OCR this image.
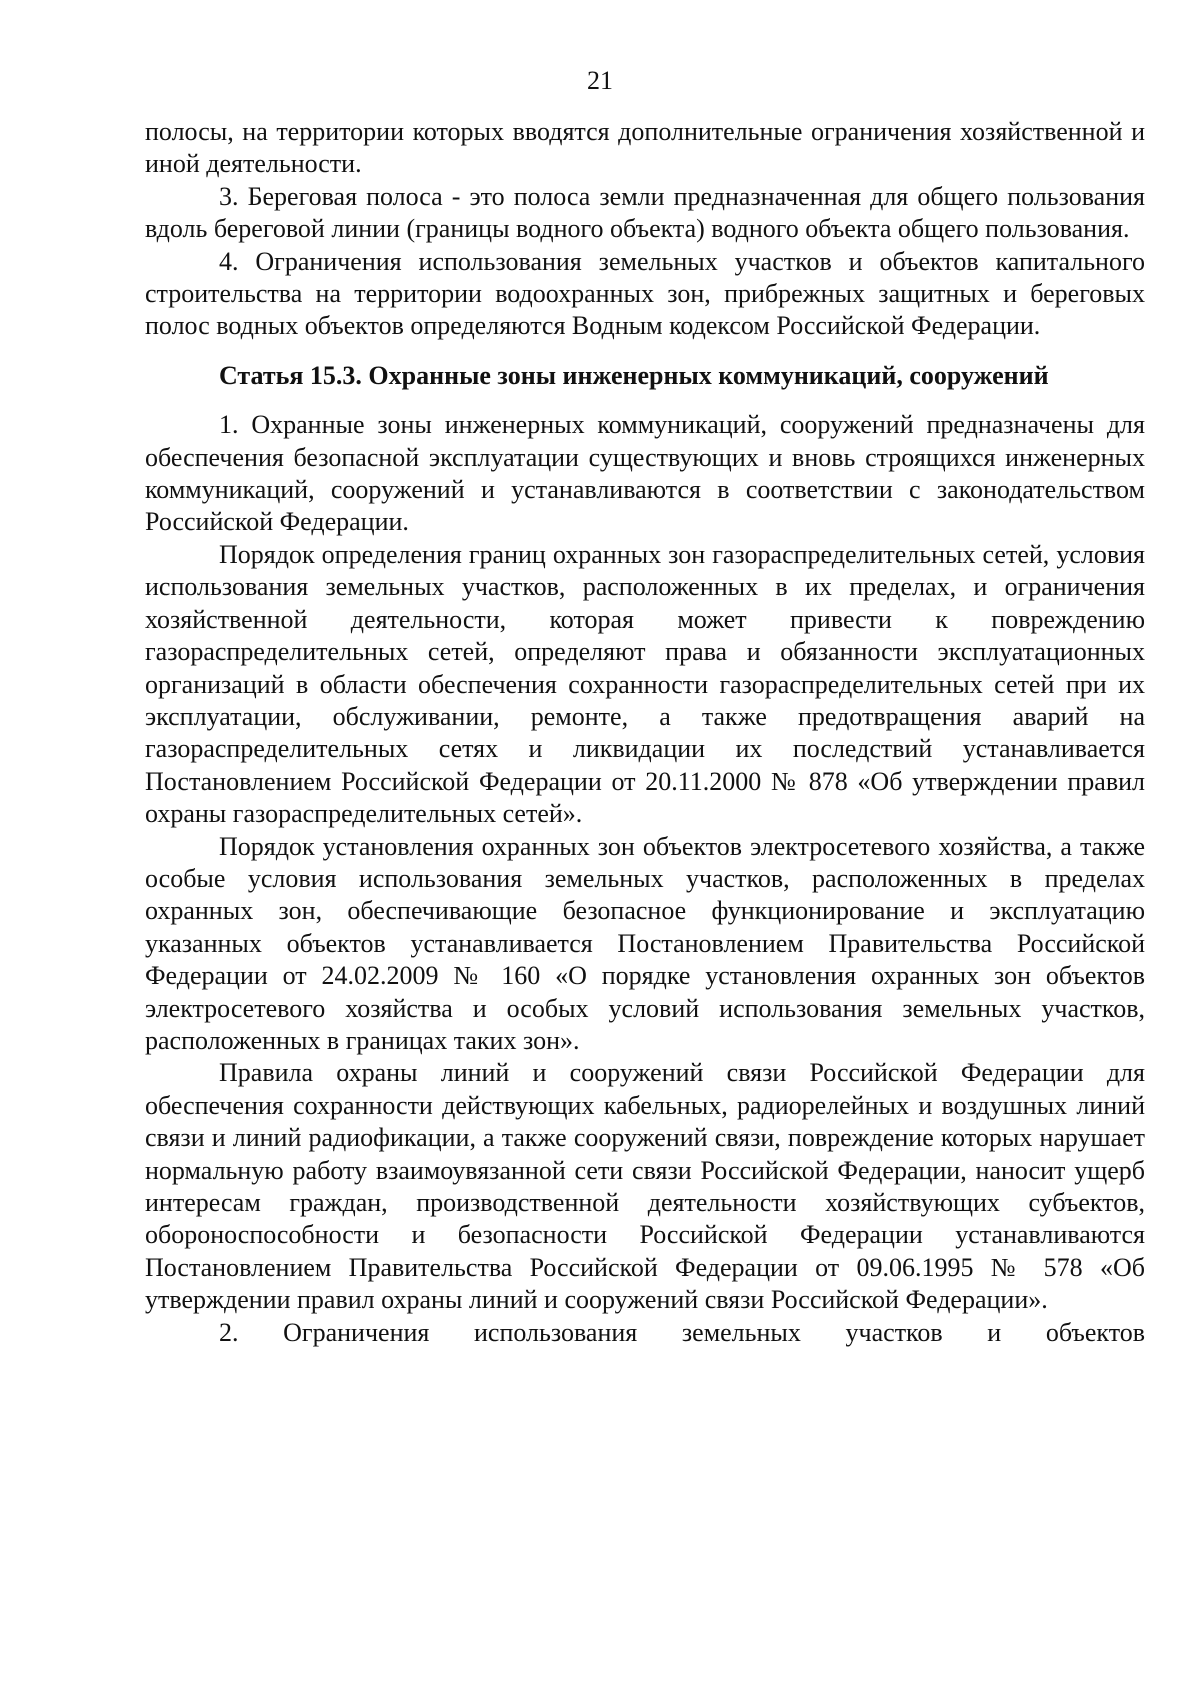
21

полосы, на территории которых вводятся дополнительные ограничения хозяйственной и иной деятельности.

3. Береговая полоса - это полоса земли предназначенная для общего пользования вдоль береговой линии (границы водного объекта) водного объекта общего пользования.

4. Ограничения использования земельных участков и объектов капитального строительства на территории водоохранных зон, прибрежных защитных и береговых полос водных объектов определяются Водным кодексом Российской Федерации.

Статья 15.3. Охранные зоны инженерных коммуникаций, сооружений

1. Охранные зоны инженерных коммуникаций, сооружений предназначены для обеспечения безопасной эксплуатации существующих и вновь строящихся инженерных коммуникаций, сооружений и устанавливаются в соответствии с законодательством Российской Федерации.

Порядок определения границ охранных зон газораспределительных сетей, условия использования земельных участков, расположенных в их пределах, и ограничения хозяйственной деятельности, которая может привести к повреждению газораспределительных сетей, определяют права и обязанности эксплуатационных организаций в области обеспечения сохранности газораспределительных сетей при их эксплуатации, обслуживании, ремонте, а также предотвращения аварий на газораспределительных сетях и ликвидации их последствий устанавливается Постановлением Российской Федерации от 20.11.2000 № 878 «Об утверждении правил охраны газораспределительных сетей».

Порядок установления охранных зон объектов электросетевого хозяйства, а также особые условия использования земельных участков, расположенных в пределах охранных зон, обеспечивающие безопасное функционирование и эксплуатацию указанных объектов устанавливается Постановлением Правительства Российской Федерации от 24.02.2009 № 160 «О порядке установления охранных зон объектов электросетевого хозяйства и особых условий использования земельных участков, расположенных в границах таких зон».

Правила охраны линий и сооружений связи Российской Федерации для обеспечения сохранности действующих кабельных, радиорелейных и воздушных линий связи и линий радиофикации, а также сооружений связи, повреждение которых нарушает нормальную работу взаимоувязанной сети связи Российской Федерации, наносит ущерб интересам граждан, производственной деятельности хозяйствующих субъектов, обороноспособности и безопасности Российской Федерации устанавливаются Постановлением Правительства Российской Федерации от 09.06.1995 № 578 «Об утверждении правил охраны линий и сооружений связи Российской Федерации».

2. Ограничения использования земельных участков и объектов
